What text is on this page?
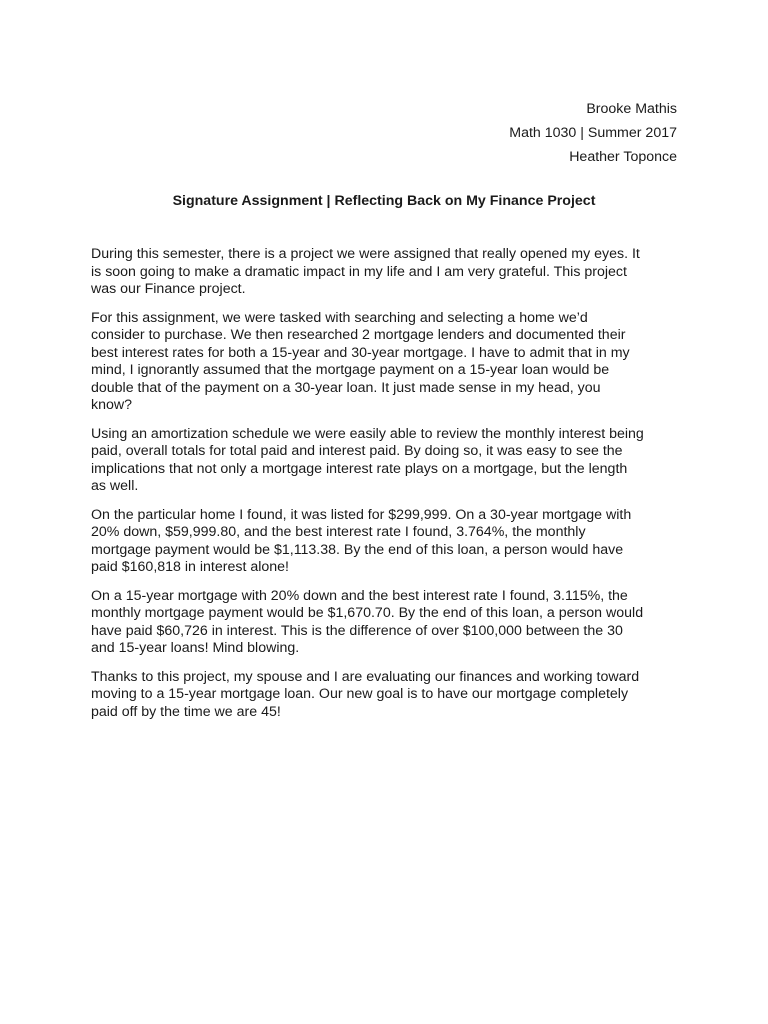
Brooke Mathis
Math 1030 | Summer 2017
Heather Toponce
Signature Assignment | Reflecting Back on My Finance Project

During this semester, there is a project we were assigned that really opened my eyes. It
is soon going to make a dramatic impact in my life and I am very grateful. This project
was our Finance project.

For this assignment, we were tasked with searching and selecting a home we’d
consider to purchase. We then researched 2 mortgage lenders and documented their
best interest rates for both a 15-year and 30-year mortgage. I have to admit that in my
mind, I ignorantly assumed that the mortgage payment on a 15-year loan would be
double that of the payment on a 30-year loan. It just made sense in my head, you
know?

Using an amortization schedule we were easily able to review the monthly interest being
paid, overall totals for total paid and interest paid. By doing so, it was easy to see the
implications that not only a mortgage interest rate plays on a mortgage, but the length
as well.

On the particular home I found, it was listed for $299,999. On a 30-year mortgage with
20% down, $59,999.80, and the best interest rate I found, 3.764%, the monthly
mortgage payment would be $1,113.38. By the end of this loan, a person would have
paid $160,818 in interest alone!

On a 15-year mortgage with 20% down and the best interest rate I found, 3.115%, the
monthly mortgage payment would be $1,670.70. By the end of this loan, a person would
have paid $60,726 in interest. This is the difference of over $100,000 between the 30
and 15-year loans! Mind blowing.

Thanks to this project, my spouse and I are evaluating our finances and working toward
moving to a 15-year mortgage loan. Our new goal is to have our mortgage completely
paid off by the time we are 45!
